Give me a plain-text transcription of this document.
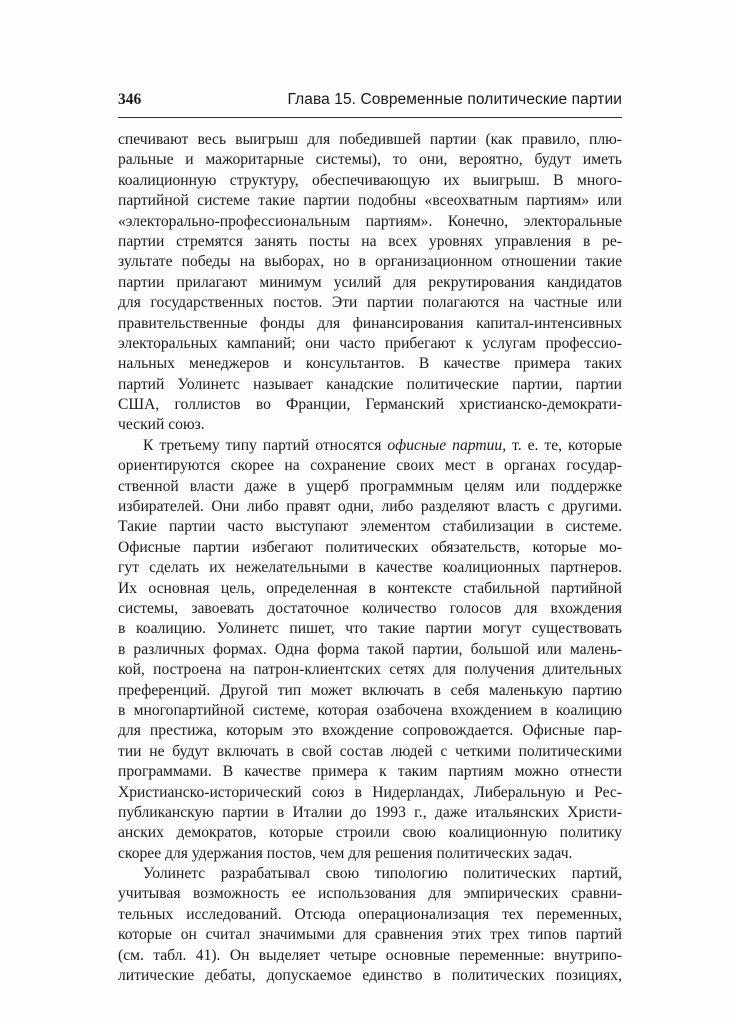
346	Глава 15. Современные политические партии
спечивают весь выигрыш для победившей партии (как правило, плю-
ральные и мажоритарные системы), то они, вероятно, будут иметь
коалиционную структуру, обеспечивающую их выигрыш. В много-
партийной системе такие партии подобны «всеохватным партиям» или
«электорально-профессиональным партиям». Конечно, электоральные
партии стремятся занять посты на всех уровнях управления в ре-
зультате победы на выборах, но в организационном отношении такие
партии прилагают минимум усилий для рекрутирования кандидатов
для государственных постов. Эти партии полагаются на частные или
правительственные фонды для финансирования капитал-интенсивных
электоральных кампаний; они часто прибегают к услугам профессио-
нальных менеджеров и консультантов. В качестве примера таких
партий Уолинетс называет канадские политические партии, партии
США, голлистов во Франции, Германский христианско-демократи-
ческий союз.
К третьему типу партий относятся офисные партии, т. е. те, которые
ориентируются скорее на сохранение своих мест в органах государ-
ственной власти даже в ущерб программным целям или поддержке
избирателей. Они либо правят одни, либо разделяют власть с другими.
Такие партии часто выступают элементом стабилизации в системе.
Офисные партии избегают политических обязательств, которые мо-
гут сделать их нежелательными в качестве коалиционных партнеров.
Их основная цель, определенная в контексте стабильной партийной
системы, завоевать достаточное количество голосов для вхождения
в коалицию. Уолинетс пишет, что такие партии могут существовать
в различных формах. Одна форма такой партии, большой или малень-
кой, построена на патрон-клиентских сетях для получения длительных
преференций. Другой тип может включать в себя маленькую партию
в многопартийной системе, которая озабочена вхождением в коалицию
для престижа, которым это вхождение сопровождается. Офисные пар-
тии не будут включать в свой состав людей с четкими политическими
программами. В качестве примера к таким партиям можно отнести
Христианско-исторический союз в Нидерландах, Либеральную и Рес-
публиканскую партии в Италии до 1993 г., даже итальянских Христи-
анских демократов, которые строили свою коалиционную политику
скорее для удержания постов, чем для решения политических задач.
Уолинетс разрабатывал свою типологию политических партий,
учитывая возможность ее использования для эмпирических сравни-
тельных исследований. Отсюда операционализация тех переменных,
которые он считал значимыми для сравнения этих трех типов партий
(см. табл. 41). Он выделяет четыре основные переменные: внутрипо-
литические дебаты, допускаемое единство в политических позициях,
